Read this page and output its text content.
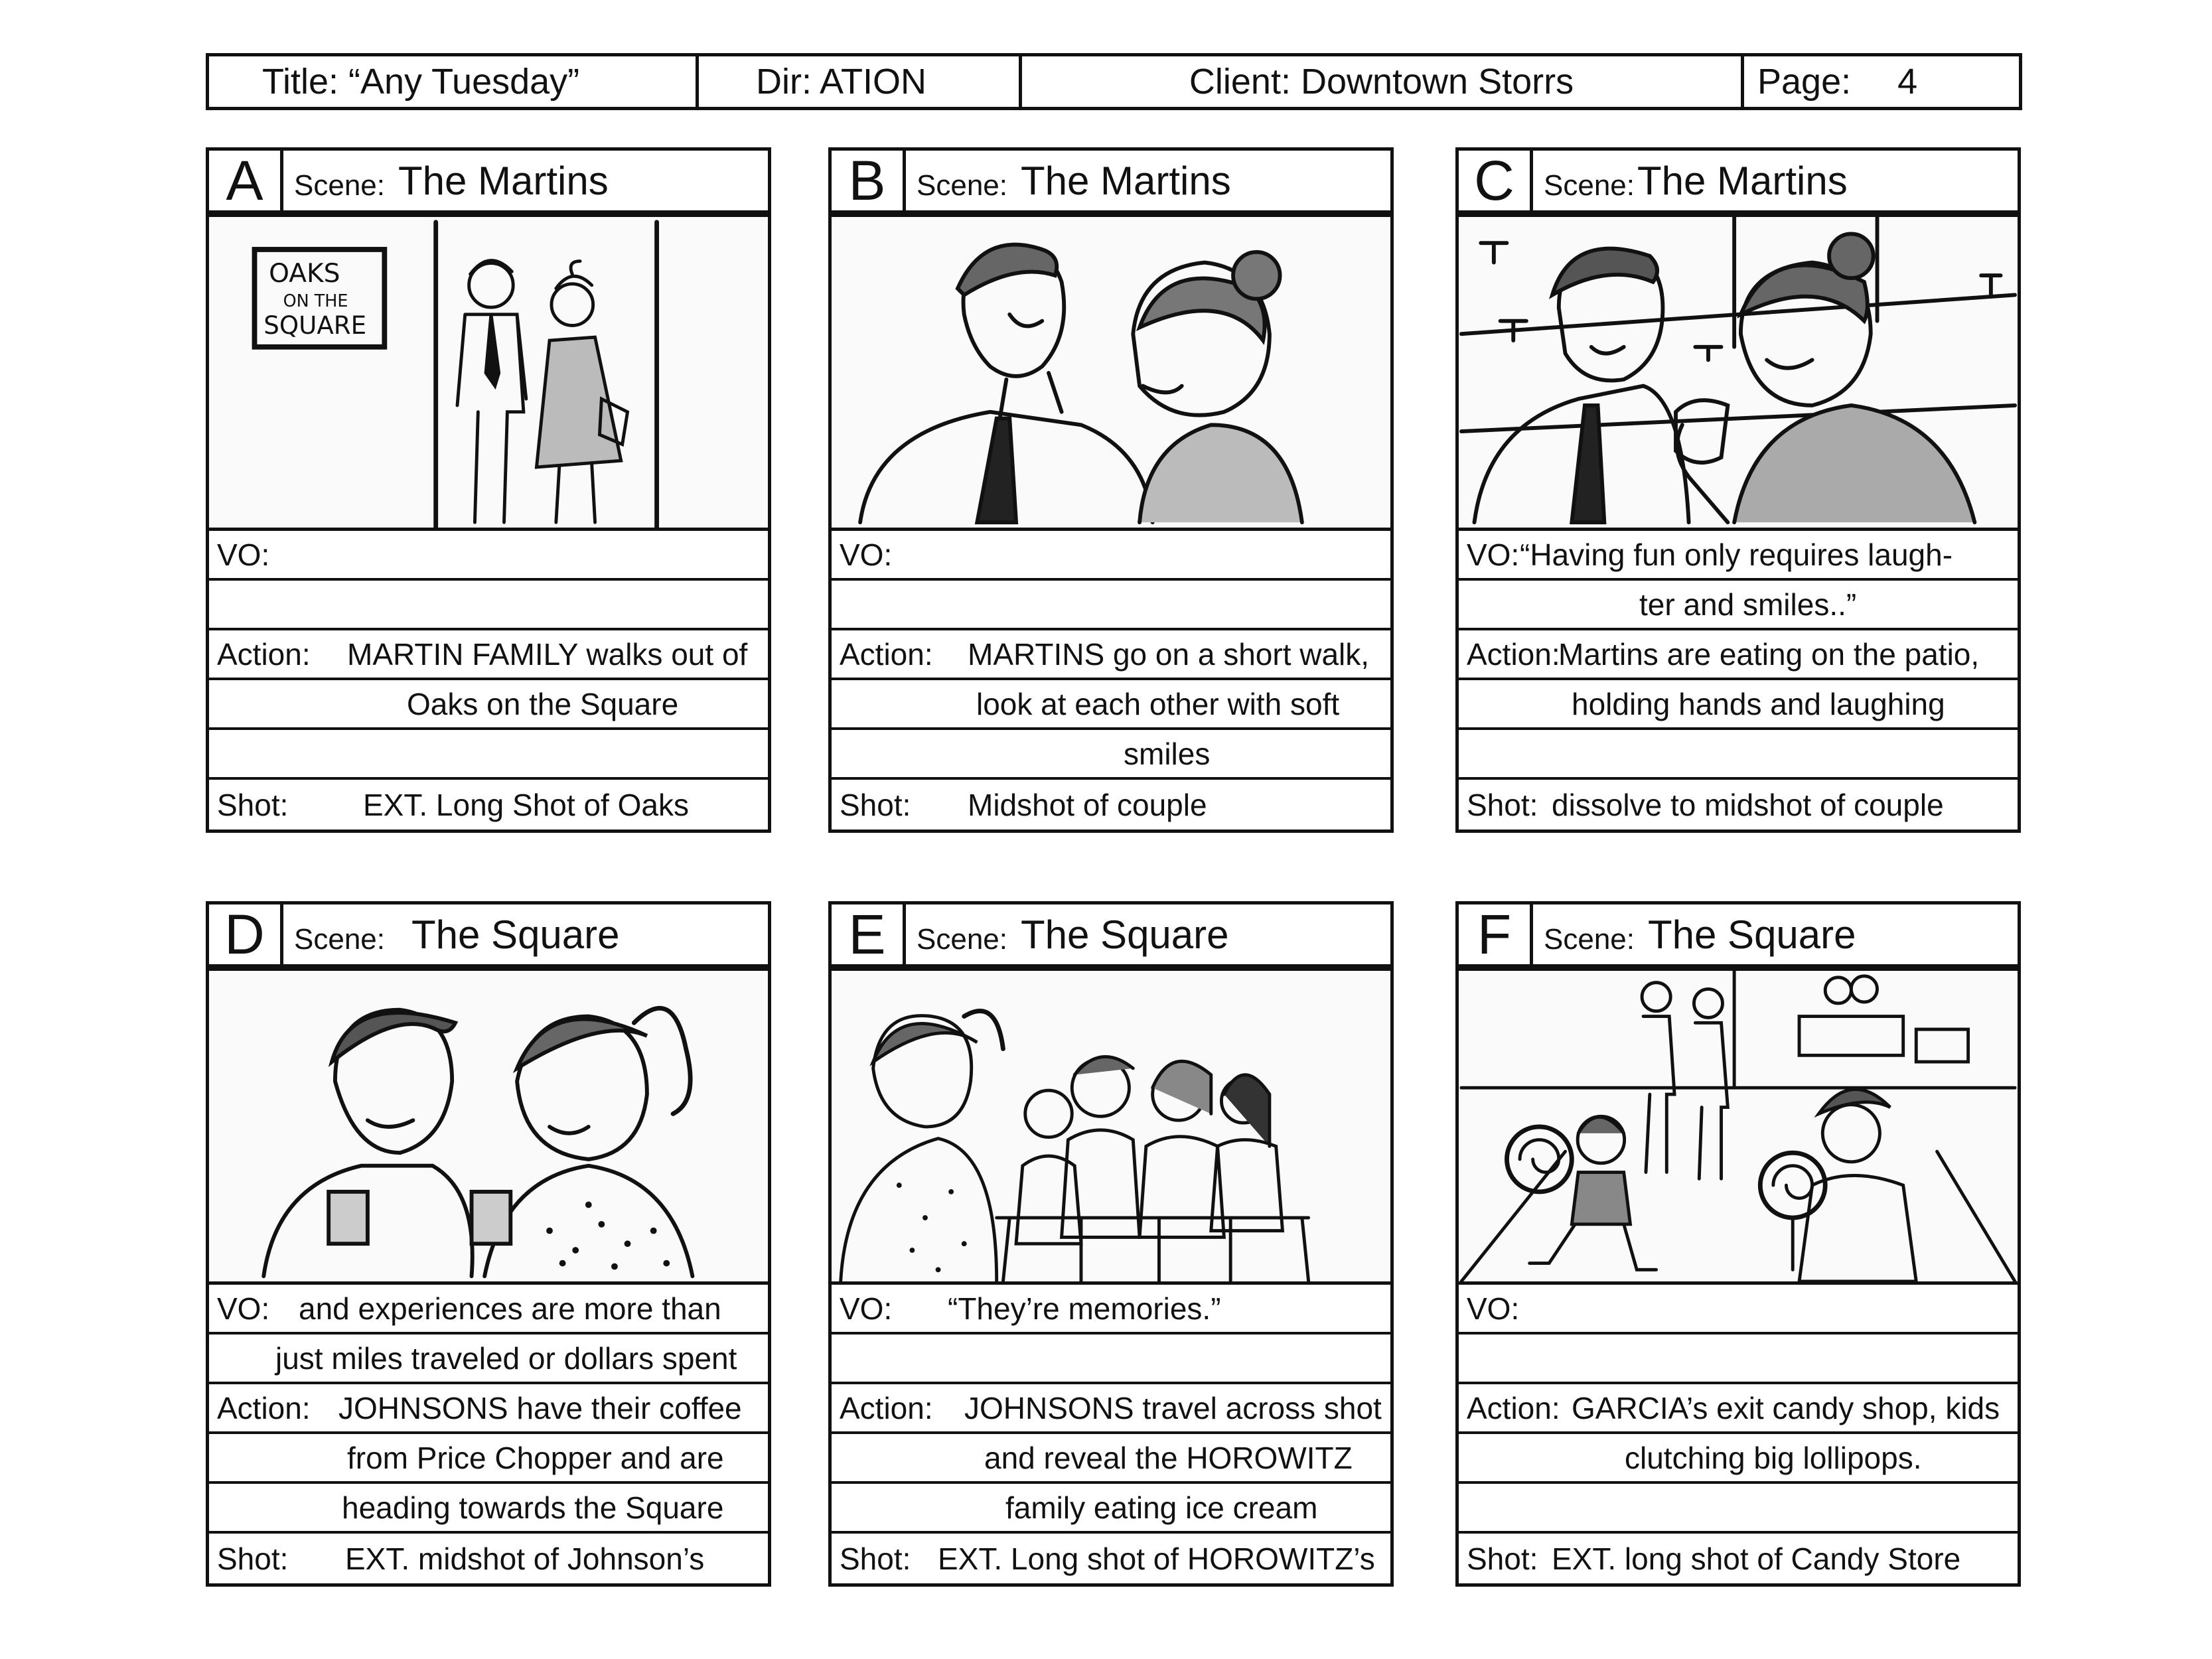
Title: “Any Tuesday”	Dir: ATION	Client: Downtown Storrs	Page: 4
A	Scene: The Martins
OAKS
ON THE
SQUARE
VO:
Action: MARTIN FAMILY walks out of
Oaks on the Square
Shot: EXT. Long Shot of Oaks
B	Scene: The Martins
VO:
Action: MARTINS go on a short walk,
look at each other with soft
smiles
Shot: Midshot of couple
C	Scene: The Martins
VO: “Having fun only requires laugh-
ter and smiles..”
Action:
Martins are eating on the patio,
holding hands and laughing
Shot: dissolve to midshot of couple
D	Scene: The Square
VO: and experiences are more than
just miles traveled or dollars spent
Action: JOHNSONS have their coffee
from Price Chopper and are
heading towards the Square
Shot: EXT. midshot of Johnson’s
E	Scene: The Square
VO: “They’re memories.”
Action: JOHNSONS travel across shot
and reveal the HOROWITZ
family eating ice cream
Shot: EXT. Long shot of HOROWITZ’s
F	Scene: The Square
VO:
Action: GARCIA’s exit candy shop, kids
clutching big lollipops.
Shot: EXT. long shot of Candy Store
